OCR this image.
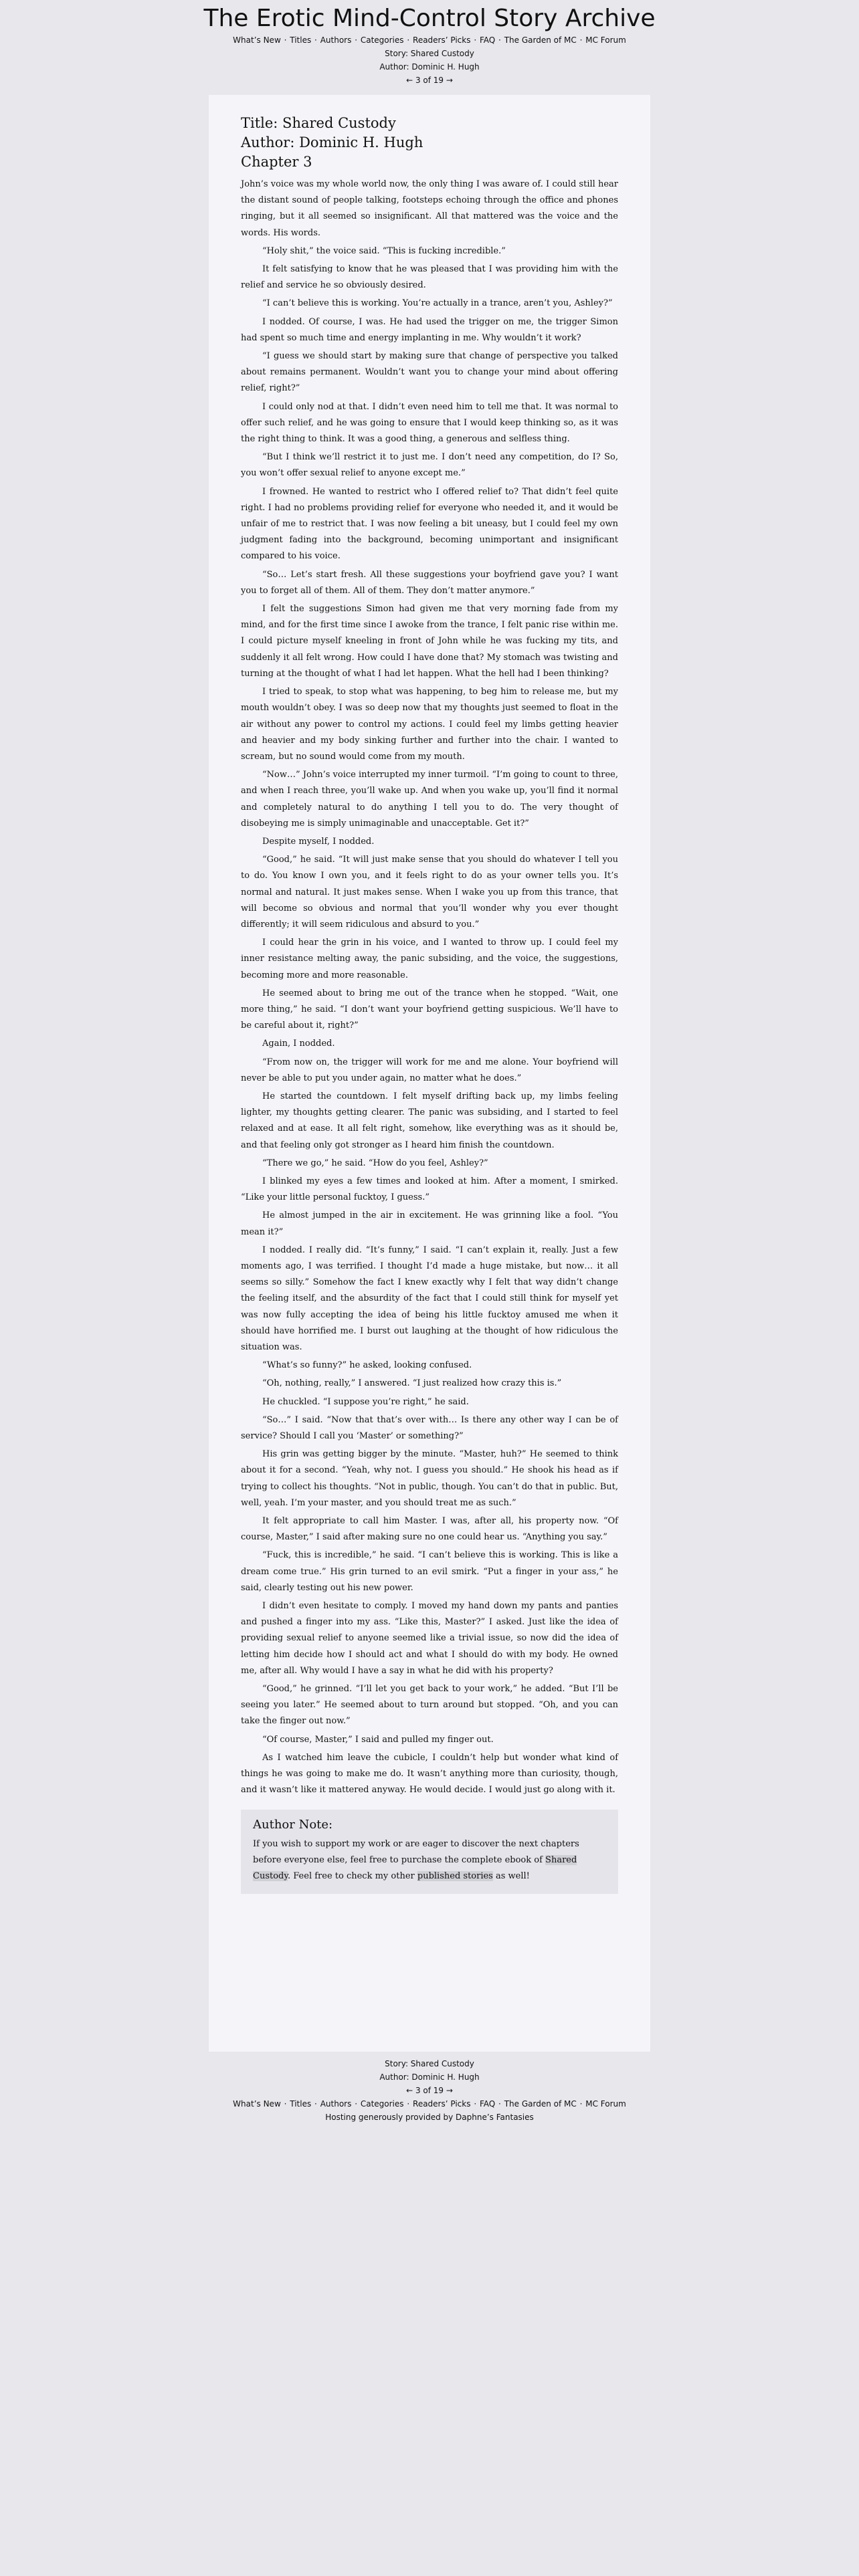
The Erotic Mind-Control Story Archive
What’s New · Titles · Authors · Categories · Readers’ Picks · FAQ · The Garden of MC · MC Forum
Story: Shared Custody
Author: Dominic H. Hugh
← 3 of 19 →
Title: Shared Custody
Author: Dominic H. Hugh
Chapter 3

John’s voice was my whole world now, the only thing I was aware of. I could still hear the distant sound of people talking, footsteps echoing through the office and phones ringing, but it all seemed so insignificant. All that mattered was the voice and the words. His words.

“Holy shit,” the voice said. “This is fucking incredible.”

It felt satisfying to know that he was pleased that I was providing him with the relief and service he so obviously desired.

“I can’t believe this is working. You’re actually in a trance, aren’t you, Ashley?”

I nodded. Of course, I was. He had used the trigger on me, the trigger Simon had spent so much time and energy implanting in me. Why wouldn’t it work?

“I guess we should start by making sure that change of perspective you talked about remains permanent. Wouldn’t want you to change your mind about offering relief, right?”

I could only nod at that. I didn’t even need him to tell me that. It was normal to offer such relief, and he was going to ensure that I would keep thinking so, as it was the right thing to think. It was a good thing, a generous and selfless thing.

“But I think we’ll restrict it to just me. I don’t need any competition, do I? So, you won’t offer sexual relief to anyone except me.”

I frowned. He wanted to restrict who I offered relief to? That didn’t feel quite right. I had no problems providing relief for everyone who needed it, and it would be unfair of me to restrict that. I was now feeling a bit uneasy, but I could feel my own judgment fading into the background, becoming unimportant and insignificant compared to his voice.

“So… Let’s start fresh. All these suggestions your boyfriend gave you? I want you to forget all of them. All of them. They don’t matter anymore.”

I felt the suggestions Simon had given me that very morning fade from my mind, and for the first time since I awoke from the trance, I felt panic rise within me. I could picture myself kneeling in front of John while he was fucking my tits, and suddenly it all felt wrong. How could I have done that? My stomach was twisting and turning at the thought of what I had let happen. What the hell had I been thinking?

I tried to speak, to stop what was happening, to beg him to release me, but my mouth wouldn’t obey. I was so deep now that my thoughts just seemed to float in the air without any power to control my actions. I could feel my limbs getting heavier and heavier and my body sinking further and further into the chair. I wanted to scream, but no sound would come from my mouth.

“Now…” John’s voice interrupted my inner turmoil. “I’m going to count to three, and when I reach three, you’ll wake up. And when you wake up, you’ll find it normal and completely natural to do anything I tell you to do. The very thought of disobeying me is simply unimaginable and unacceptable. Get it?”

Despite myself, I nodded.

“Good,” he said. “It will just make sense that you should do whatever I tell you to do. You know I own you, and it feels right to do as your owner tells you. It’s normal and natural. It just makes sense. When I wake you up from this trance, that will become so obvious and normal that you’ll wonder why you ever thought differently; it will seem ridiculous and absurd to you.”

I could hear the grin in his voice, and I wanted to throw up. I could feel my inner resistance melting away, the panic subsiding, and the voice, the suggestions, becoming more and more reasonable.

He seemed about to bring me out of the trance when he stopped. “Wait, one more thing,” he said. “I don’t want your boyfriend getting suspicious. We’ll have to be careful about it, right?”

Again, I nodded.

“From now on, the trigger will work for me and me alone. Your boyfriend will never be able to put you under again, no matter what he does.”

He started the countdown. I felt myself drifting back up, my limbs feeling lighter, my thoughts getting clearer. The panic was subsiding, and I started to feel relaxed and at ease. It all felt right, somehow, like everything was as it should be, and that feeling only got stronger as I heard him finish the countdown.

“There we go,” he said. “How do you feel, Ashley?”

I blinked my eyes a few times and looked at him. After a moment, I smirked. “Like your little personal fucktoy, I guess.”

He almost jumped in the air in excitement. He was grinning like a fool. “You mean it?”

I nodded. I really did. “It’s funny,” I said. “I can’t explain it, really. Just a few moments ago, I was terrified. I thought I’d made a huge mistake, but now… it all seems so silly.” Somehow the fact I knew exactly why I felt that way didn’t change the feeling itself, and the absurdity of the fact that I could still think for myself yet was now fully accepting the idea of being his little fucktoy amused me when it should have horrified me. I burst out laughing at the thought of how ridiculous the situation was.

“What’s so funny?” he asked, looking confused.

“Oh, nothing, really,” I answered. “I just realized how crazy this is.”

He chuckled. “I suppose you’re right,” he said.

“So…” I said. “Now that that’s over with… Is there any other way I can be of service? Should I call you ‘Master’ or something?”

His grin was getting bigger by the minute. “Master, huh?” He seemed to think about it for a second. “Yeah, why not. I guess you should.” He shook his head as if trying to collect his thoughts. “Not in public, though. You can’t do that in public. But, well, yeah. I’m your master, and you should treat me as such.”

It felt appropriate to call him Master. I was, after all, his property now. “Of course, Master,” I said after making sure no one could hear us. “Anything you say.”

“Fuck, this is incredible,” he said. “I can’t believe this is working. This is like a dream come true.” His grin turned to an evil smirk. “Put a finger in your ass,” he said, clearly testing out his new power.

I didn’t even hesitate to comply. I moved my hand down my pants and panties and pushed a finger into my ass. “Like this, Master?” I asked. Just like the idea of providing sexual relief to anyone seemed like a trivial issue, so now did the idea of letting him decide how I should act and what I should do with my body. He owned me, after all. Why would I have a say in what he did with his property?

“Good,” he grinned. “I’ll let you get back to your work,” he added. “But I’ll be seeing you later.” He seemed about to turn around but stopped. “Oh, and you can take the finger out now.”

“Of course, Master,” I said and pulled my finger out.

As I watched him leave the cubicle, I couldn’t help but wonder what kind of things he was going to make me do. It wasn’t anything more than curiosity, though, and it wasn’t like it mattered anyway. He would decide. I would just go along with it.

Author Note:
If you wish to support my work or are eager to discover the next chapters before everyone else, feel free to purchase the complete ebook of Shared Custody. Feel free to check my other published stories as well!
Story: Shared Custody
Author: Dominic H. Hugh
← 3 of 19 →
What’s New · Titles · Authors · Categories · Readers’ Picks · FAQ · The Garden of MC · MC Forum
Hosting generously provided by Daphne’s Fantasies
